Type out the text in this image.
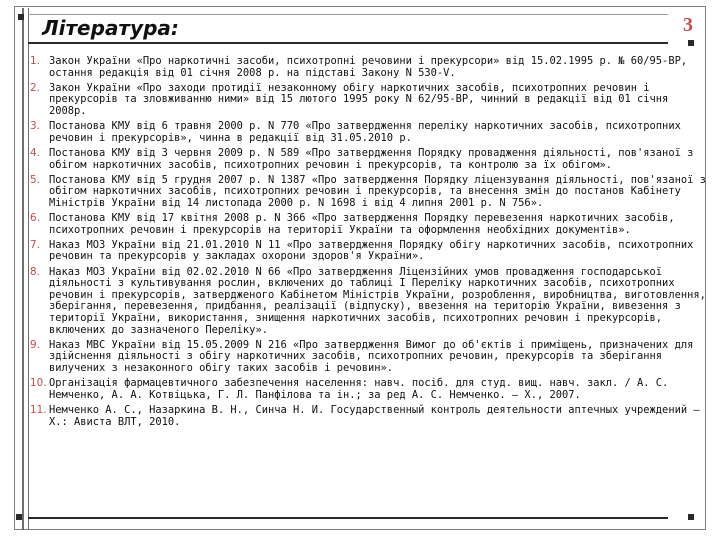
Література:	3
1. Закон України «Про наркотичні засоби, психотропні речовини і прекурсори» від 15.02.1995 р. № 60/95-ВР, остання редакція від 01 січня 2008 р. на підставі Закону N 530-V.
2. Закон України «Про заходи протидії незаконному обігу наркотичних засобів, психотропних речовин і прекурсорів та зловживанню ними» від 15 лютого 1995 року N 62/95-ВР, чинний в редакції від 01 січня 2008р.
3. Постанова КМУ від 6 травня 2000 р. N 770 «Про затвердження переліку наркотичних засобів, психотропних речовин і прекурсорів», чинна в редакції від 31.05.2010 р.
4. Постанова КМУ від 3 червня 2009 р. N 589 «Про затвердження Порядку провадження діяльності, пов'язаної з обігом наркотичних засобів, психотропних речовин і прекурсорів, та контролю за їх обігом».
5. Постанова КМУ від 5 грудня 2007 р. N 1387 «Про затвердження Порядку ліцензування діяльності, пов'язаної з обігом наркотичних засобів, психотропних речовин і прекурсорів, та внесення змін до постанов Кабінету Міністрів України від 14 листопада 2000 р. N 1698 і від 4 липня 2001 р. N 756».
6. Постанова КМУ від 17 квітня 2008 р. N 366 «Про затвердження Порядку перевезення наркотичних засобів, психотропних речовин і прекурсорів на території України та оформлення необхідних документів».
7. Наказ МОЗ України від 21.01.2010 N 11 «Про затвердження Порядку обігу наркотичних засобів, психотропних речовин та прекурсорів у закладах охорони здоров'я України».
8. Наказ МОЗ України від 02.02.2010 N 66 «Про затвердження Ліцензійних умов провадження господарської діяльності з культивування рослин, включених до таблиці I Переліку наркотичних засобів, психотропних речовин і прекурсорів, затвердженого Кабінетом Міністрів України, розроблення, виробництва, виготовлення, зберігання, перевезення, придбання, реалізації (відпуску), ввезення на територію України, вивезення з території України, використання, знищення наркотичних засобів, психотропних речовин і прекурсорів, включених до зазначеного Переліку».
9. Наказ МВС України від 15.05.2009 N 216 «Про затвердження Вимог до об'єктів і приміщень, призначених для здійснення діяльності з обігу наркотичних засобів, психотропних речовин, прекурсорів та зберігання вилучених з незаконного обігу таких засобів і речовин».
10. Організація фармацевтичного забезпечення населення: навч. посіб. для студ. вищ. навч. закл. / А. С. Немченко, А. А. Котвіцька, Г. Л. Панфілова та ін.; за ред А. С. Немченко. – Х., 2007.
11. Немченко А. С., Назаркина В. Н., Синча Н. И. Государственный контроль деятельности аптечных учреждений – Х.: Ависта ВЛТ, 2010.
